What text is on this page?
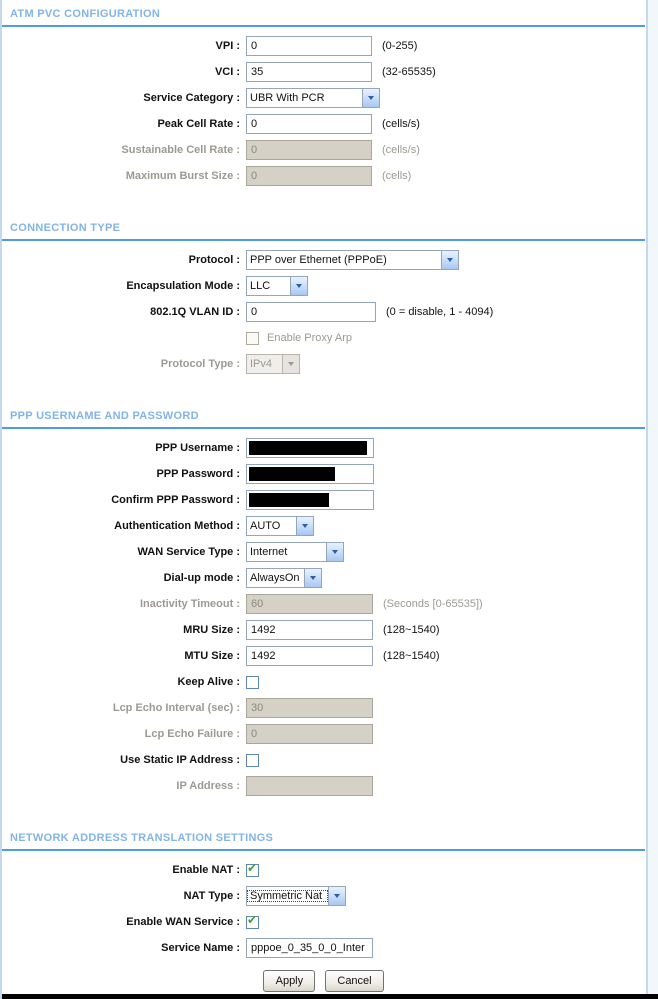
ATM PVC CONFIGURATION
VPI :	0	(0-255)
VCI :	35	(32-65535)
Service Category : UBR With PCR
Peak Cell Rate :	0	(cells/s)
Sustainable Cell Rate :	0	(cells/s)
Maximum Burst Size :	0	(cells)
CONNECTION TYPE
Protocol : PPP over Ethernet (PPPoE)
Encapsulation Mode : LLC
802.1Q VLAN ID :	0	(0 = disable, 1 - 4094)
Enable Proxy Arp
Protocol Type : IPv4
PPP USERNAME AND PASSWORD
PPP Username :
PPP Password :
Confirm PPP Password :
Authentication Method : AUTO
WAN Service Type : Internet
Dial-up mode : AlwaysOn
Inactivity Timeout :	60	(Seconds [0-65535])
MRU Size :	1492	(128~1540)
MTU Size :	1492	(128~1540)
Keep Alive :
Lcp Echo Interval (sec) :	30
Lcp Echo Failure :	0
Use Static IP Address :
IP Address :
NETWORK ADDRESS TRANSLATION SETTINGS
Enable NAT : ✔
NAT Type : Symmetric Nat
Enable WAN Service : ✔
Service Name :	pppoe_0_35_0_0_Inter
Apply	Cancel
